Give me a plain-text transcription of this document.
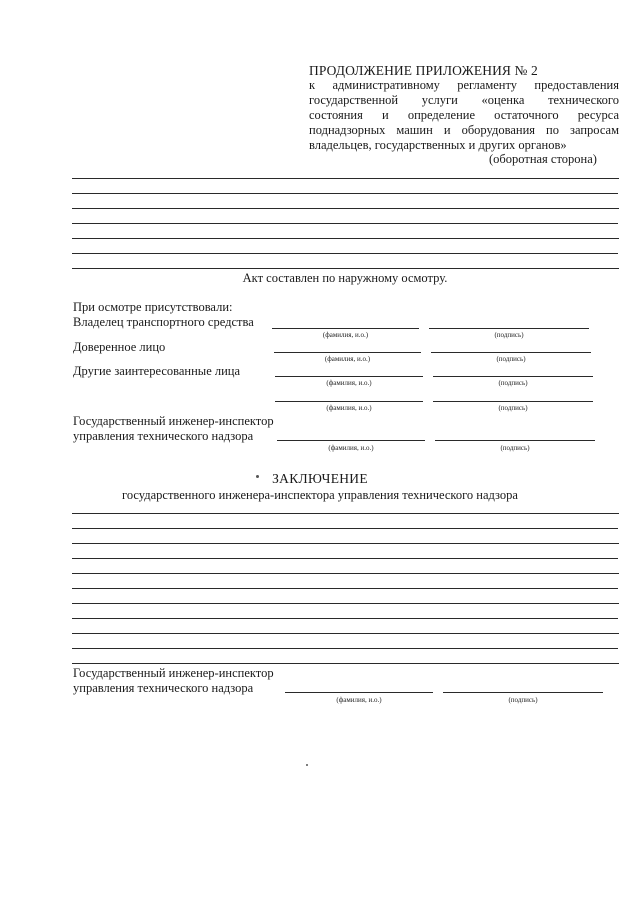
ПРОДОЛЖЕНИЕ ПРИЛОЖЕНИЯ № 2
к административному регламенту предоставления
государственной услуги «оценка технического
состояния и определение остаточного ресурса
поднадзорных машин и оборудования по запросам
владельцев, государственных и других органов»
(оборотная сторона)
Акт составлен по наружному осмотру.
При осмотре присутствовали:
Владелец транспортного средства
(фамилия, и.о.)	(подпись)
Доверенное лицо
(фамилия, и.о.)	(подпись)
Другие заинтересованные лица
(фамилия, и.о.)	(подпись)
(фамилия, и.о.)	(подпись)
Государственный инженер-инспектор
управления технического надзора
(фамилия, и.о.)	(подпись)
ЗАКЛЮЧЕНИЕ
государственного инженера-инспектора управления технического надзора
Государственный инженер-инспектор
управления технического надзора
(фамилия, и.о.)	(подпись)
